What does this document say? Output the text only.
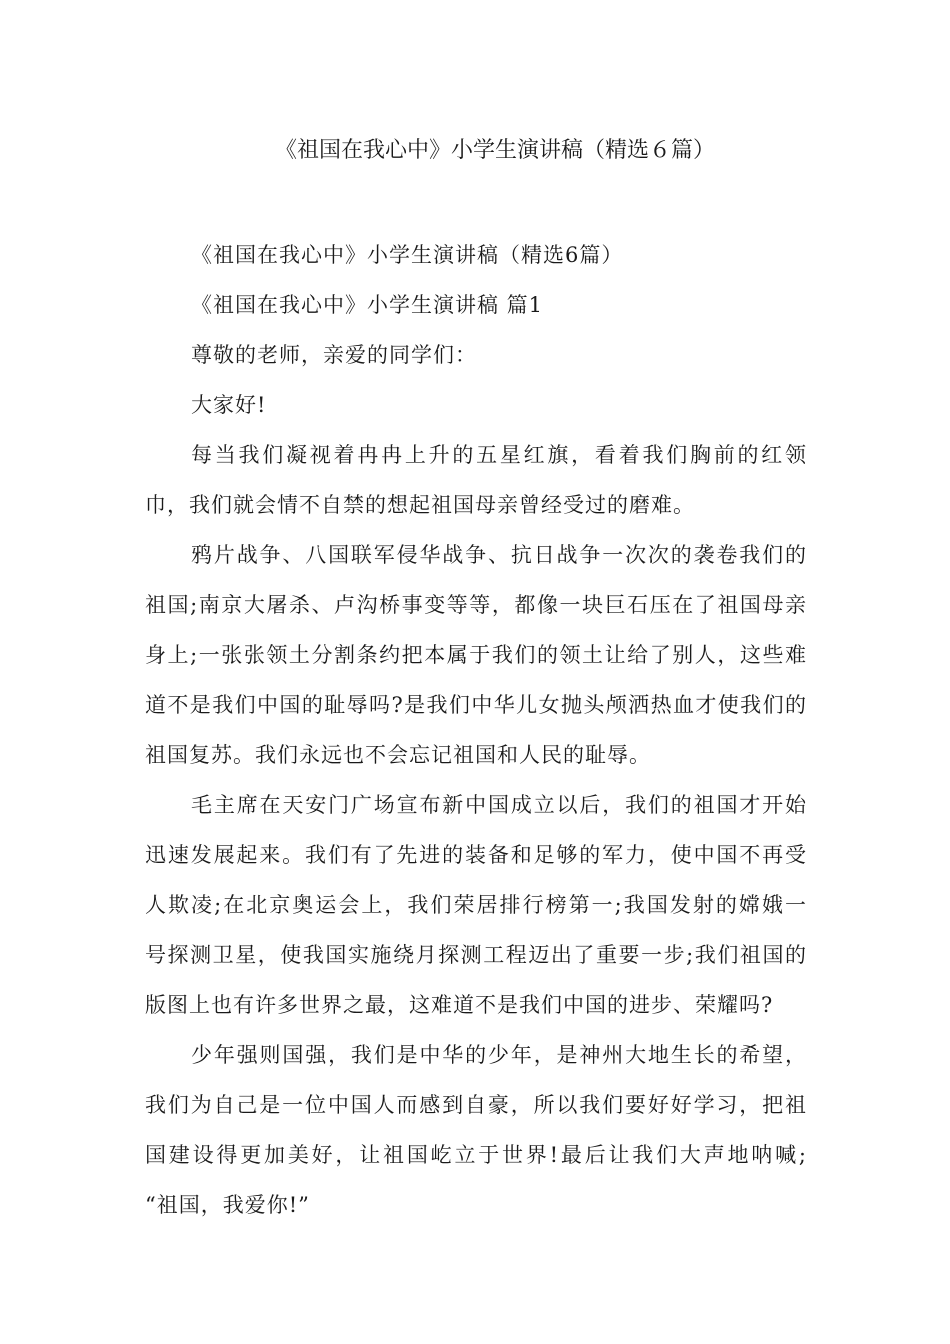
《祖国在我心中》小学生演讲稿（精选６篇）
《祖国在我心中》小学生演讲稿（精选6篇）
《祖国在我心中》小学生演讲稿 篇1
尊敬的老师，亲爱的同学们：
大家好!
每当我们凝视着冉冉上升的五星红旗，看着我们胸前的红领
巾，我们就会情不自禁的想起祖国母亲曾经受过的磨难。
鸦片战争、八国联军侵华战争、抗日战争一次次的袭卷我们的
祖国;南京大屠杀、卢沟桥事变等等，都像一块巨石压在了祖国母亲
身上;一张张领土分割条约把本属于我们的领土让给了别人，这些难
道不是我们中国的耻辱吗?是我们中华儿女抛头颅洒热血才使我们的
祖国复苏。我们永远也不会忘记祖国和人民的耻辱。
毛主席在天安门广场宣布新中国成立以后，我们的祖国才开始
迅速发展起来。我们有了先进的装备和足够的军力，使中国不再受
人欺凌;在北京奥运会上，我们荣居排行榜第一;我国发射的嫦娥一
号探测卫星，使我国实施绕月探测工程迈出了重要一步;我们祖国的
版图上也有许多世界之最，这难道不是我们中国的进步、荣耀吗?
少年强则国强，我们是中华的少年，是神州大地生长的希望，
我们为自己是一位中国人而感到自豪，所以我们要好好学习，把祖
国建设得更加美好，让祖国屹立于世界!最后让我们大声地呐喊;
“祖国，我爱你!”
